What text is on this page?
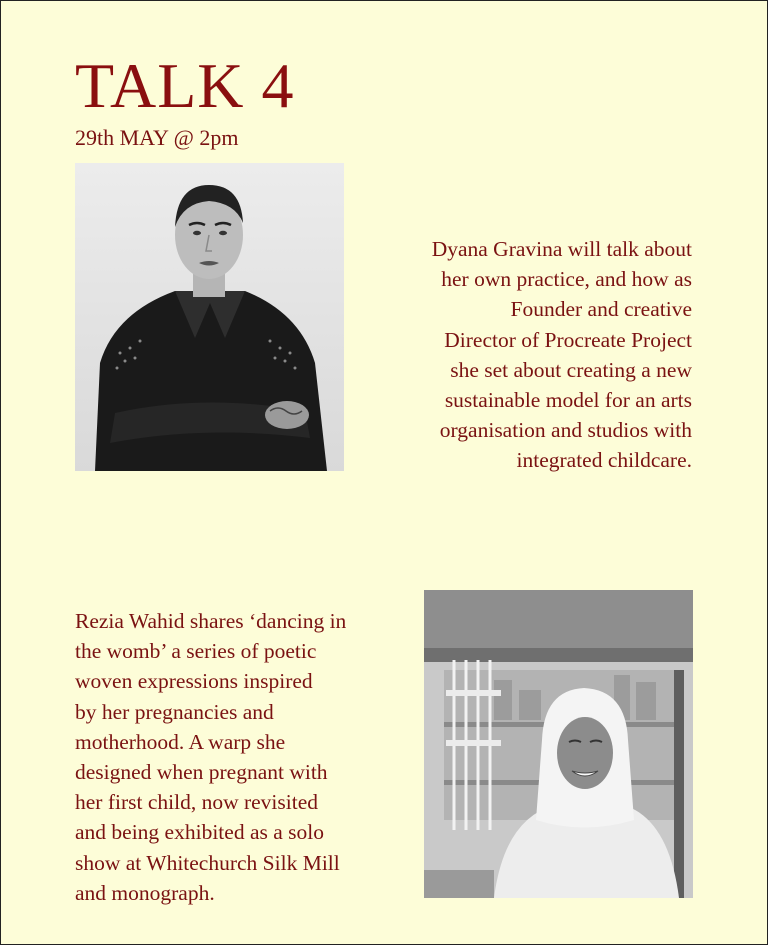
TALK 4
29th MAY @ 2pm
Dyana Gravina will talk about
her own practice, and how as
Founder and creative
Director of Procreate Project
she set about creating a new
sustainable model for an arts
organisation and studios with
integrated childcare.
Rezia Wahid shares ‘dancing in
the womb’ a series of poetic
woven expressions inspired
by her pregnancies and
motherhood. A warp she
designed when pregnant with
her first child, now revisited
and being exhibited as a solo
show at Whitechurch Silk Mill
and monograph.
